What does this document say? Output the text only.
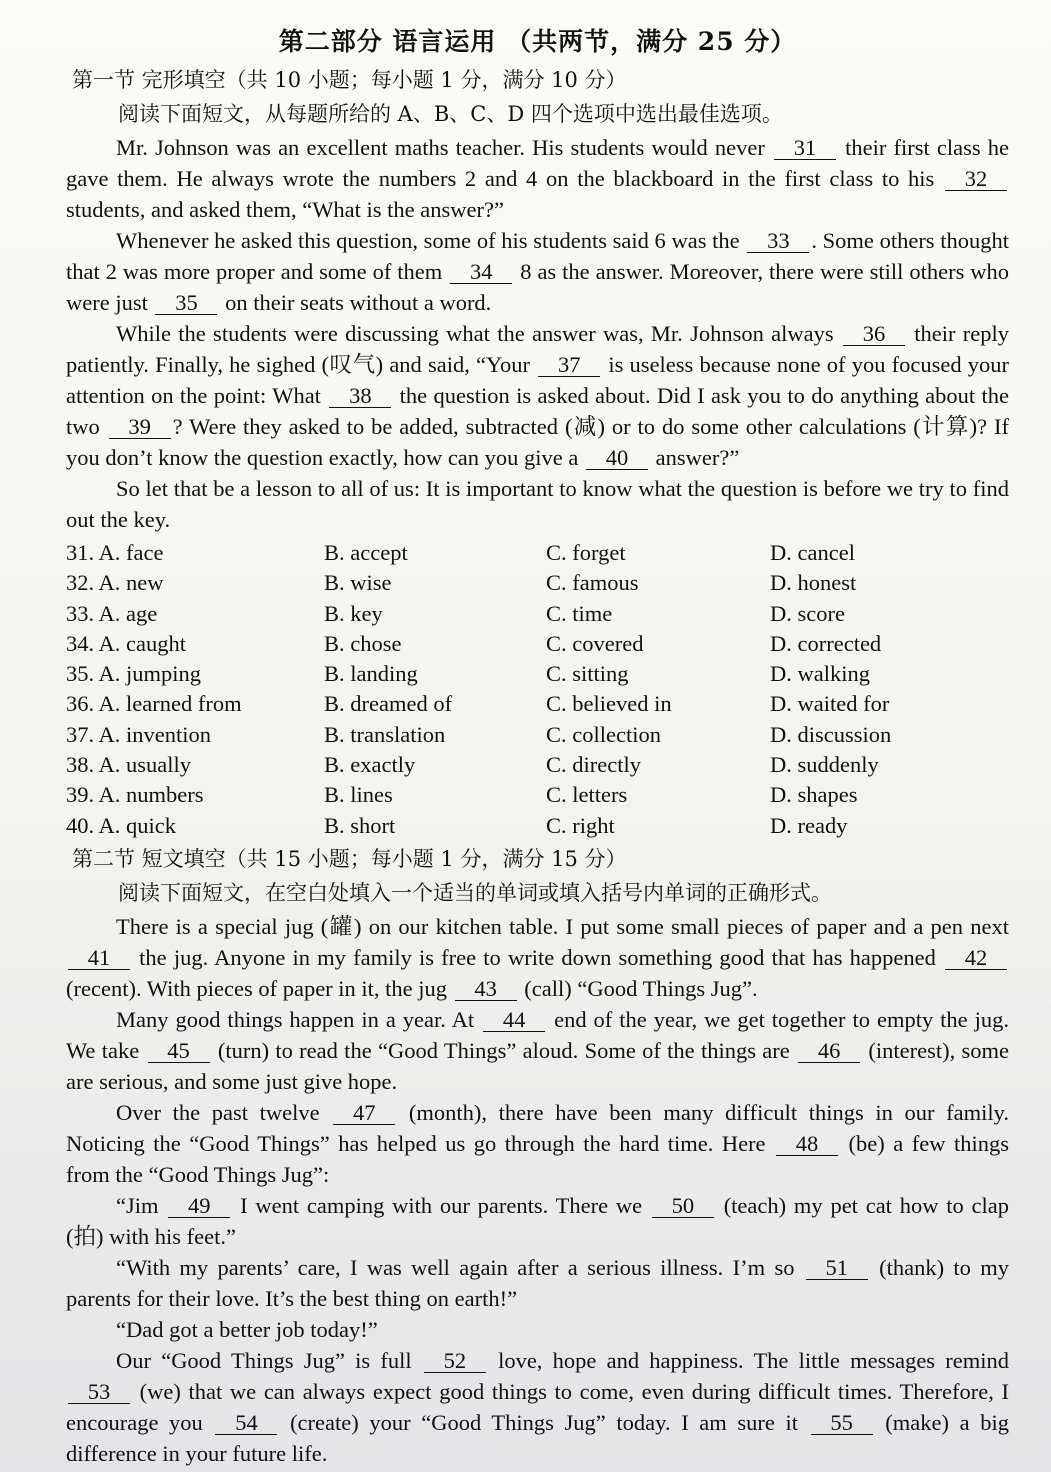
第二部分 语言运用 （共两节，满分 25 分）
第一节 完形填空（共 10 小题；每小题 1 分，满分 10 分）
阅读下面短文，从每题所给的 A、B、C、D 四个选项中选出最佳选项。

Mr. Johnson was an excellent maths teacher. His students would never 31 their first class he gave them. He always wrote the numbers 2 and 4 on the blackboard in the first class to his 32 students, and asked them, “What is the answer?”

Whenever he asked this question, some of his students said 6 was the 33 . Some others thought that 2 was more proper and some of them 34 8 as the answer. Moreover, there were still others who were just 35 on their seats without a word.

While the students were discussing what the answer was, Mr. Johnson always 36 their reply patiently. Finally, he sighed (叹气) and said, “Your 37 is useless because none of you focused your attention on the point: What 38 the question is asked about. Did I ask you to do anything about the two 39 ? Were they asked to be added, subtracted (减) or to do some other calculations (计算)? If you don’t know the question exactly, how can you give a 40 answer?”

So let that be a lesson to all of us: It is important to know what the question is before we try to find out the key.

31. A. face	B. accept	C. forget	D. cancel
32. A. new	B. wise	C. famous	D. honest
33. A. age	B. key	C. time	D. score
34. A. caught	B. chose	C. covered	D. corrected
35. A. jumping	B. landing	C. sitting	D. walking
36. A. learned from	B. dreamed of	C. believed in	D. waited for
37. A. invention	B. translation	C. collection	D. discussion
38. A. usually	B. exactly	C. directly	D. suddenly
39. A. numbers	B. lines	C. letters	D. shapes
40. A. quick	B. short	C. right	D. ready
第二节 短文填空（共 15 小题；每小题 1 分，满分 15 分）
阅读下面短文，在空白处填入一个适当的单词或填入括号内单词的正确形式。

There is a special jug (罐) on our kitchen table. I put some small pieces of paper and a pen next 41 the jug. Anyone in my family is free to write down something good that has happened 42 (recent). With pieces of paper in it, the jug 43 (call) “Good Things Jug”.

Many good things happen in a year. At 44 end of the year, we get together to empty the jug. We take 45 (turn) to read the “Good Things” aloud. Some of the things are 46 (interest), some are serious, and some just give hope.

Over the past twelve 47 (month), there have been many difficult things in our family. Noticing the “Good Things” has helped us go through the hard time. Here 48 (be) a few things from the “Good Things Jug”:

“Jim 49 I went camping with our parents. There we 50 (teach) my pet cat how to clap (拍) with his feet.”

“With my parents’ care, I was well again after a serious illness. I’m so 51 (thank) to my parents for their love. It’s the best thing on earth!”

“Dad got a better job today!”

Our “Good Things Jug” is full 52 love, hope and happiness. The little messages remind 53 (we) that we can always expect good things to come, even during difficult times. Therefore, I encourage you 54 (create) your “Good Things Jug” today. I am sure it 55 (make) a big difference in your future life.
